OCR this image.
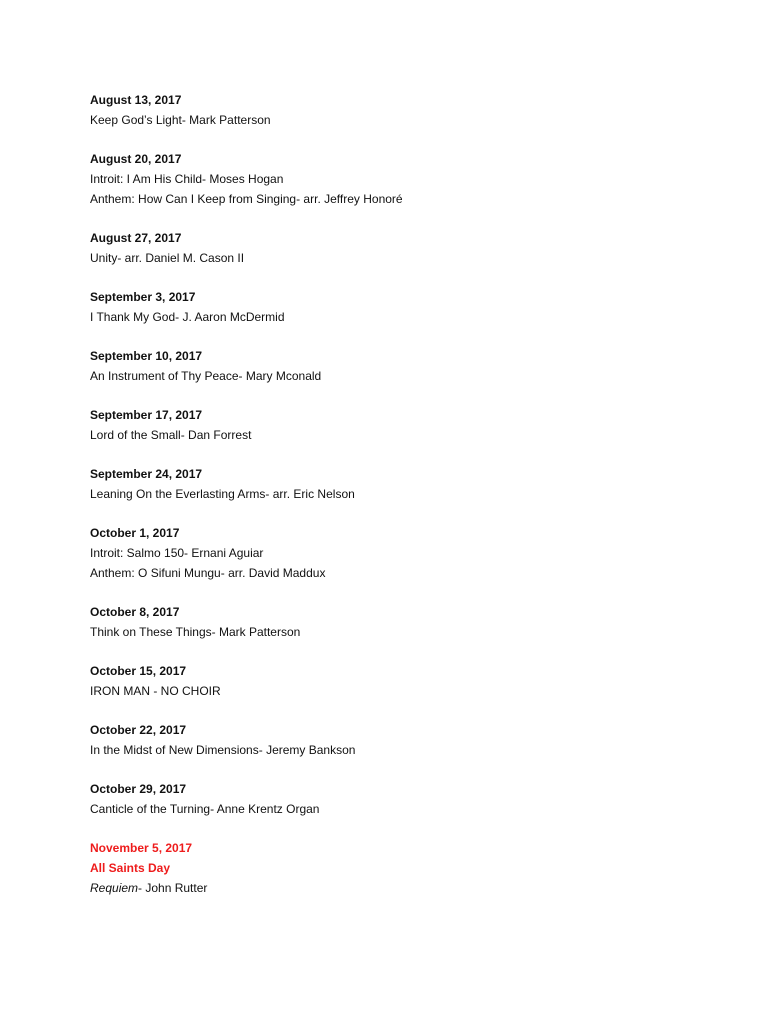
August 13, 2017
Keep God’s Light- Mark Patterson
August 20, 2017
Introit: I Am His Child- Moses Hogan
Anthem: How Can I Keep from Singing- arr. Jeffrey Honoré
August 27, 2017
Unity- arr. Daniel M. Cason II
September 3, 2017
I Thank My God- J. Aaron McDermid
September 10, 2017
An Instrument of Thy Peace- Mary Mconald
September 17, 2017
Lord of the Small- Dan Forrest
September 24, 2017
Leaning On the Everlasting Arms- arr. Eric Nelson
October 1, 2017
Introit: Salmo 150- Ernani Aguiar
Anthem: O Sifuni Mungu- arr. David Maddux
October 8, 2017
Think on These Things- Mark Patterson
October 15, 2017
IRON MAN - NO CHOIR
October 22, 2017
In the Midst of New Dimensions- Jeremy Bankson
October 29, 2017
Canticle of the Turning- Anne Krentz Organ
November 5, 2017
All Saints Day
Requiem- John Rutter
